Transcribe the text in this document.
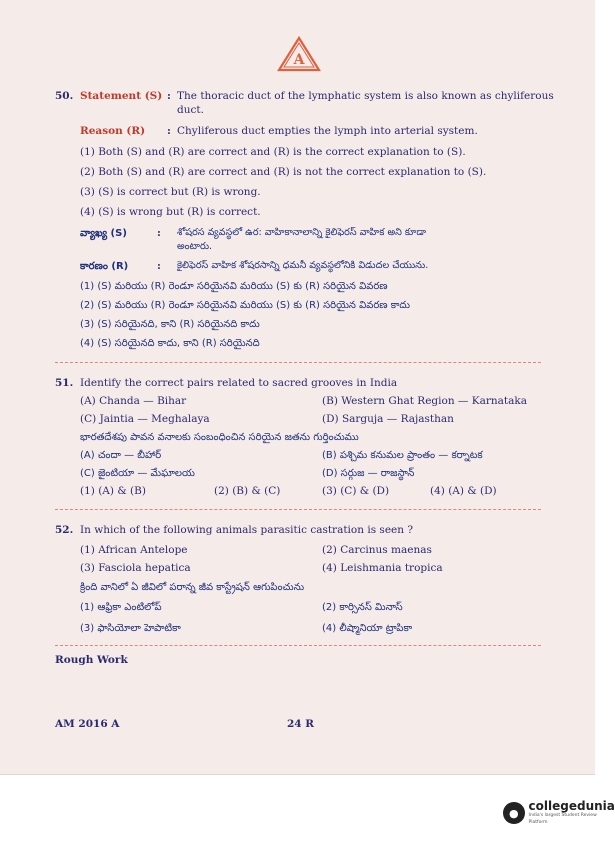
A
50. Statement (S) : The thoracic duct of the lymphatic system is also known as chyliferous
duct.
Reason (R) : Chyliferous duct empties the lymph into arterial system.
(1) Both (S) and (R) are correct and (R) is the correct explanation to (S).
(2) Both (S) and (R) are correct and (R) is not the correct explanation to (S).
(3) (S) is correct but (R) is wrong.
(4) (S) is wrong but (R) is correct.
వ్యాఖ్య (S)	: శోషరస వ్యవస్థలో ఉర: వాహికానాలాన్ని కైలిఫెరస్ వాహిక అని కూడా
అంటారు.
కారణం (R)	: కైలిఫెరస్ వాహిక శోషరసాన్ని ధమనీ వ్యవస్థలోనికి విడుదల చేయును.
(1) (S) మరియు (R) రెండూ సరియైనవి మరియు (S) కు (R) సరియైన వివరణ
(2) (S) మరియు (R) రెండూ సరియైనవి మరియు (S) కు (R) సరియైన వివరణ కాదు
(3) (S) సరియైనది, కాని (R) సరియైనది కాదు
(4) (S) సరియైనది కాదు, కాని (R) సరియైనది
51. Identify the correct pairs related to sacred grooves in India
(A) Chanda — Bihar	(B) Western Ghat Region — Karnataka
(C) Jaintia — Meghalaya	(D) Sarguja — Rajasthan
భారతదేశపు పావన వనాలకు సంబంధించిన సరియైన జతను గుర్తించుము
(A) చందా — బీహార్	(B) పశ్చిమ కనుమల ప్రాంతం — కర్నాటక
(C) జైంటియా — మేఘాలయ	(D) సర్గుజ — రాజస్థాన్
(1) (A) & (B)	(2) (B) & (C)	(3) (C) & (D)	(4) (A) & (D)
52. In which of the following animals parasitic castration is seen ?
(1) African Antelope	(2) Carcinus maenas
(3) Fasciola hepatica	(4) Leishmania tropica
క్రింది వానిలో ఏ జీవిలో పరాన్న జీవ కాస్ట్రేషన్ ఆగుపించును
(1) ఆఫ్రికా ఎంటిలోప్	(2) కార్సినస్ మినాస్
(3) ఫాసియోలా హెపాటికా	(4) లీష్మానియా ట్రాపికా
Rough Work
AM 2016 A	24 R
● collegedunia
India's largest Student Review Platform
